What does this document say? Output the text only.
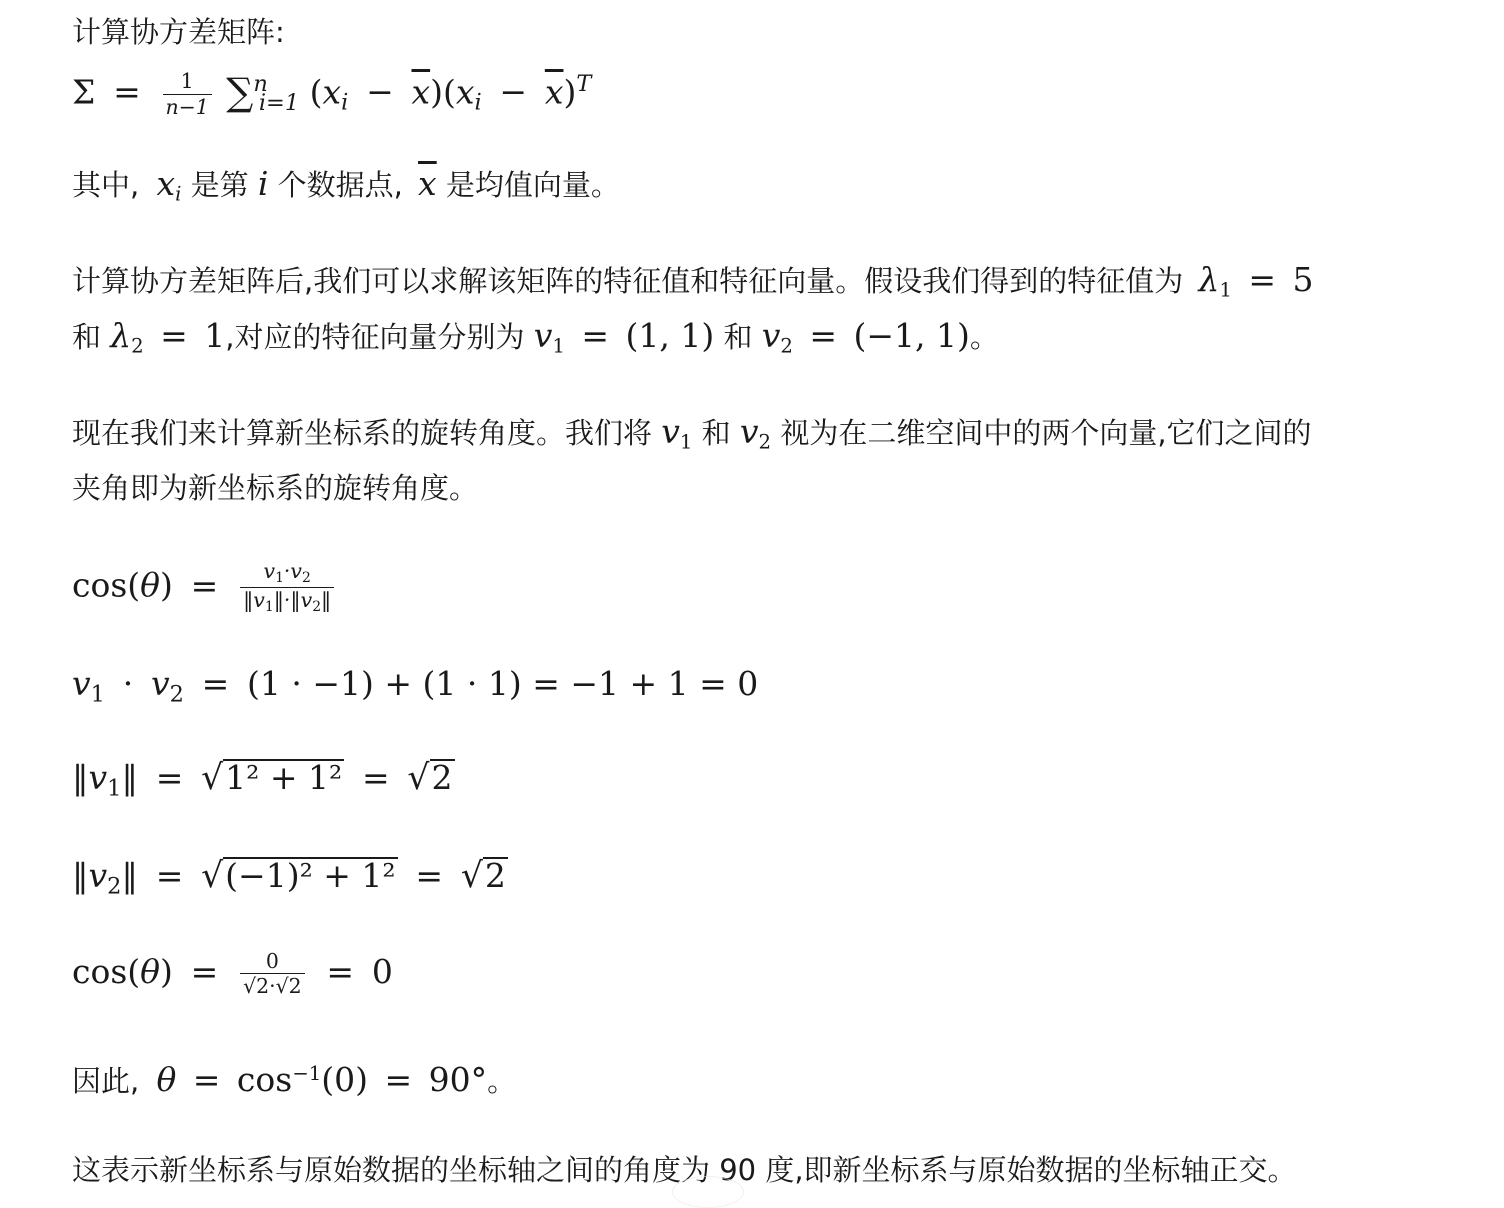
计算协方差矩阵:
$\Sigma = \frac{1}{n-1} \sum^ni=1$ $(xi - \overline{x})(xi - \overline{x})^T$
其中, xi 是第 i 个数据点, $\overline{x}$ 是均值向量。
计算协方差矩阵后,我们可以求解该矩阵的特征值和特征向量。假设我们得到的特征值为 $\lambda_1 = 5$
和 $\lambda_2 = 1$,对应的特征向量分别为 $v_1 = (1$, 1) 和 $v_2 = (-1$, 1)。
现在我们来计算新坐标系的旋转角度。我们将 $v_1$ 和 $v_2$ 视为在二维空间中的两个向量,它们之间的
夹角即为新坐标系的旋转角度。
$\cos(\theta) = \frac{v_1\cdot v_2}{‖v_1‖\cdot‖v_2‖}$
$v_1 \cdot v_2 = (1 \cdot -1) + (1 \cdot 1) = -1 + 1 = 0$
$‖v_1‖ = √1^2 + 1^2 = √2$
$‖v_2‖ = √(-1)^2 + 1^2 = √2$
$\cos(\theta) = \frac{0}{√2\cdot√2} = 0$
因此, $\theta = \cos^{-1}(0) = 90^\circ$。
这表示新坐标系与原始数据的坐标轴之间的角度为 90 度,即新坐标系与原始数据的坐标轴正交。
